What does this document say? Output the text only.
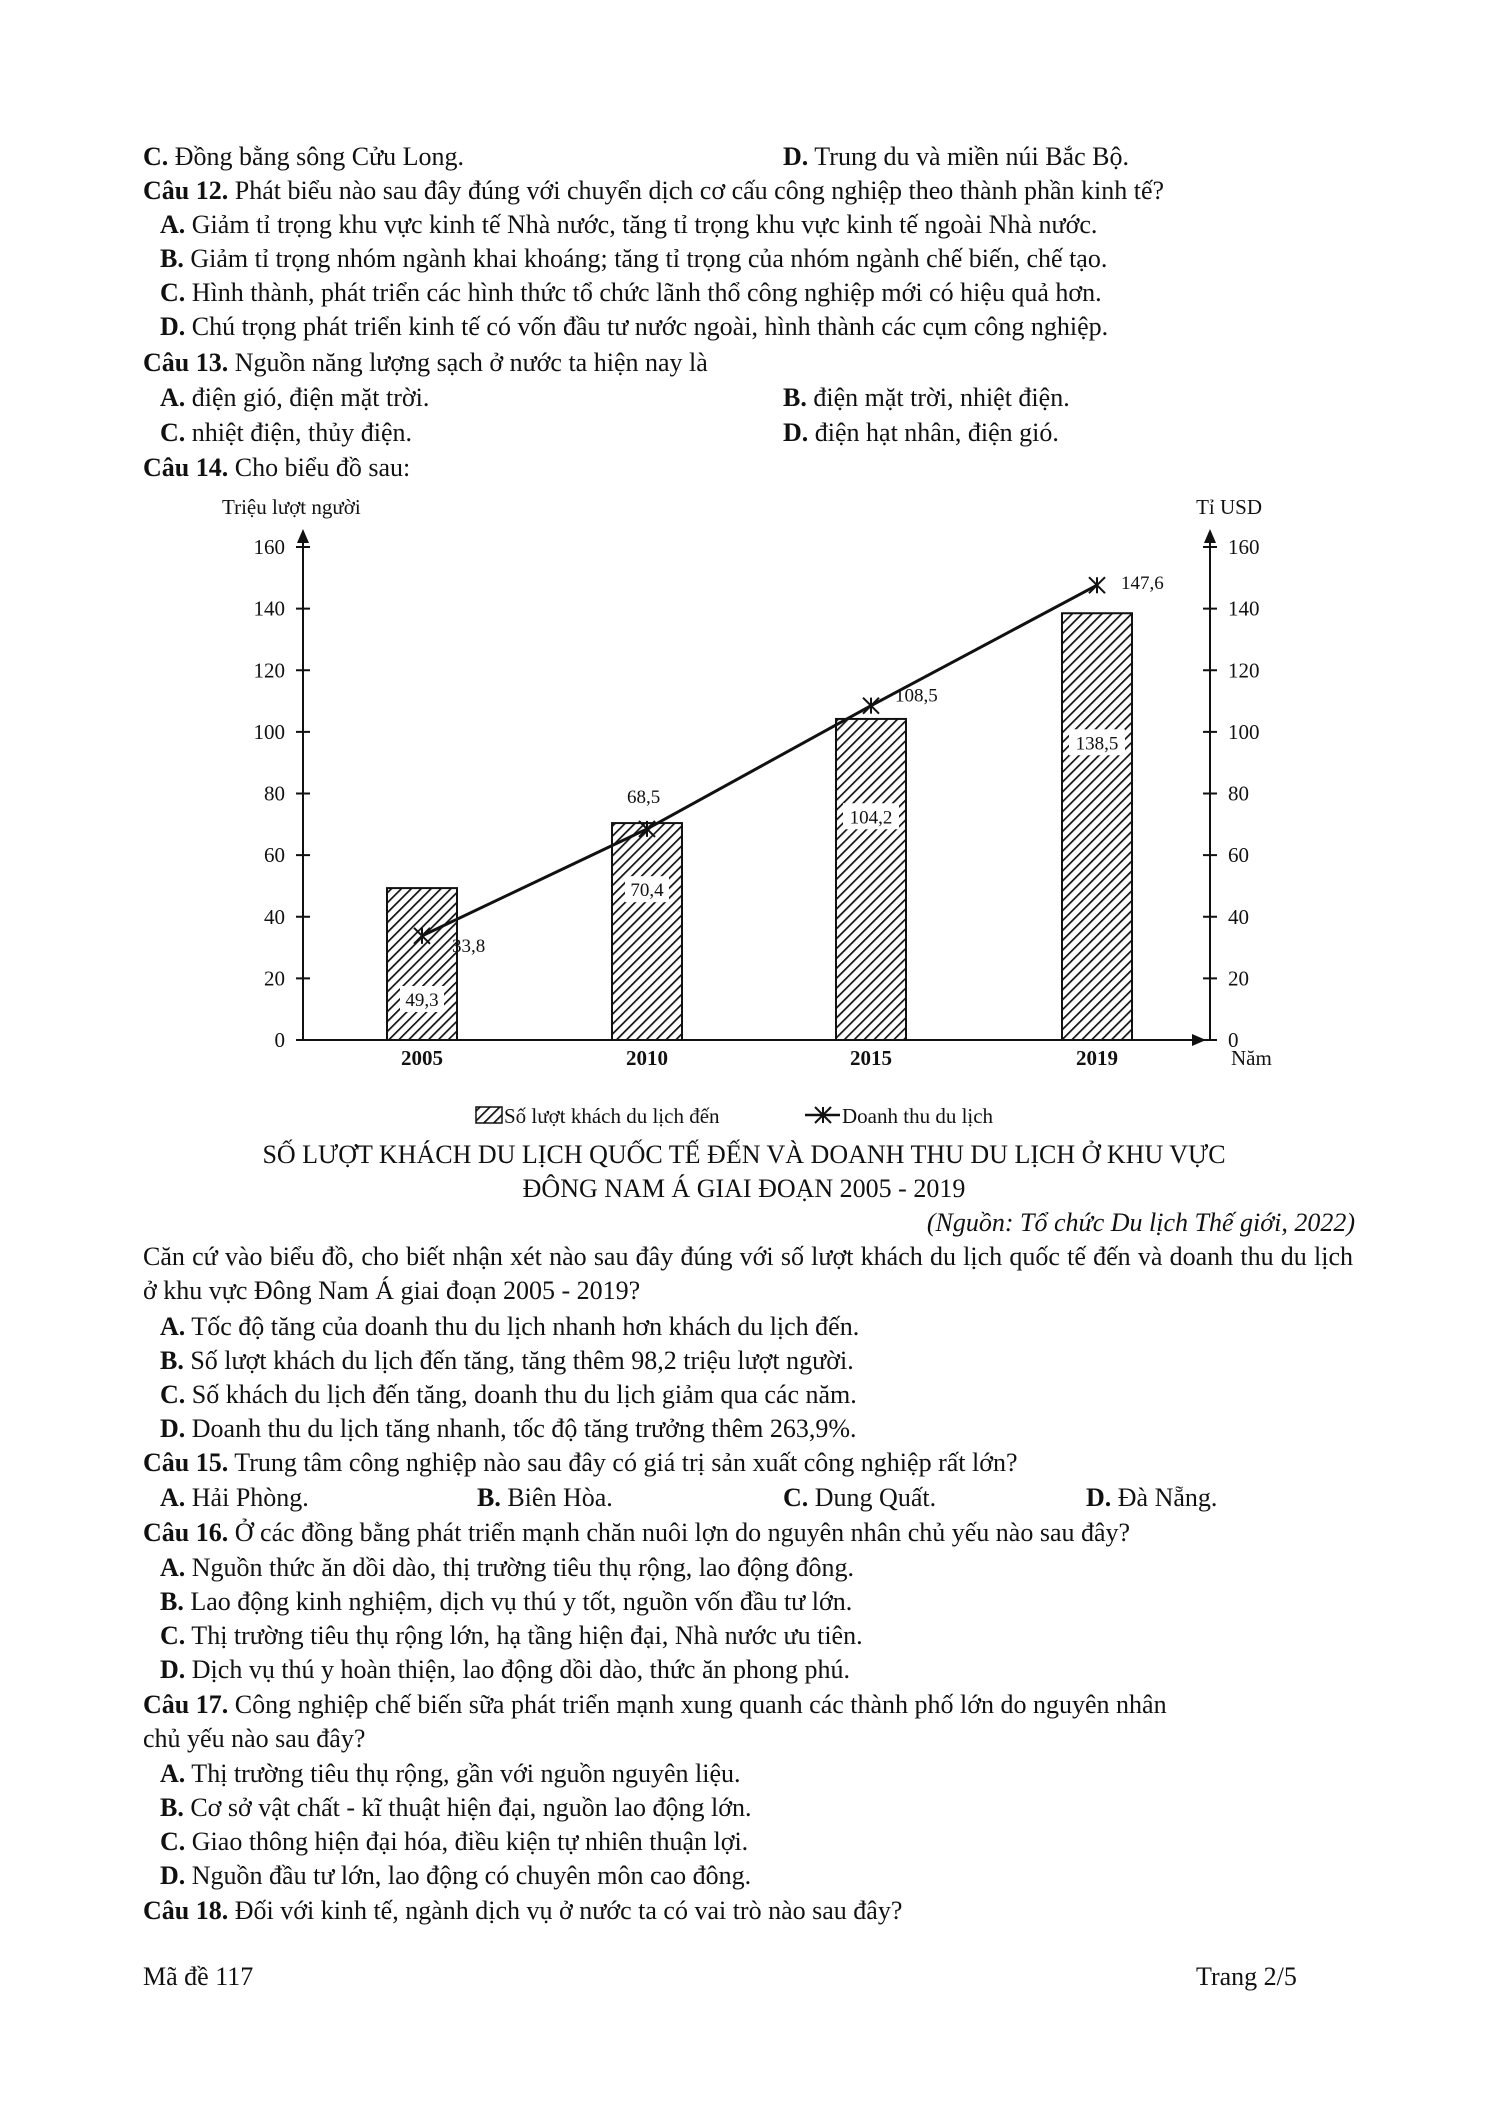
C. Đồng bằng sông Cửu Long.	D. Trung du và miền núi Bắc Bộ.
Câu 12. Phát biểu nào sau đây đúng với chuyển dịch cơ cấu công nghiệp theo thành phần kinh tế?
A. Giảm tỉ trọng khu vực kinh tế Nhà nước, tăng tỉ trọng khu vực kinh tế ngoài Nhà nước.
B. Giảm tỉ trọng nhóm ngành khai khoáng; tăng tỉ trọng của nhóm ngành chế biến, chế tạo.
C. Hình thành, phát triển các hình thức tổ chức lãnh thổ công nghiệp mới có hiệu quả hơn.
D. Chú trọng phát triển kinh tế có vốn đầu tư nước ngoài, hình thành các cụm công nghiệp.
Câu 13. Nguồn năng lượng sạch ở nước ta hiện nay là
A. điện gió, điện mặt trời.	B. điện mặt trời, nhiệt điện.
C. nhiệt điện, thủy điện.	D. điện hạt nhân, điện gió.
Câu 14. Cho biểu đồ sau:
Triệu lượt người	Tỉ USD
Năm
0	0
20	20
40	40
60	60
80	80
100	100
120	120
140	140
160	160
2005	2010	2015	2019
49,3
70,4
104,2
138,5
33,8
68,5
108,5
147,6
Số lượt khách du lịch đến	Doanh thu du lịch
SỐ LƯỢT KHÁCH DU LỊCH QUỐC TẾ ĐẾN VÀ DOANH THU DU LỊCH Ở KHU VỰC
ĐÔNG NAM Á GIAI ĐOẠN 2005 - 2019
(Nguồn: Tổ chức Du lịch Thế giới, 2022)
Căn cứ vào biểu đồ, cho biết nhận xét nào sau đây đúng với số lượt khách du lịch quốc tế đến và doanh thu du lịch ở khu vực Đông Nam Á giai đoạn 2005 - 2019?
A. Tốc độ tăng của doanh thu du lịch nhanh hơn khách du lịch đến.
B. Số lượt khách du lịch đến tăng, tăng thêm 98,2 triệu lượt người.
C. Số khách du lịch đến tăng, doanh thu du lịch giảm qua các năm.
D. Doanh thu du lịch tăng nhanh, tốc độ tăng trưởng thêm 263,9%.
Câu 15. Trung tâm công nghiệp nào sau đây có giá trị sản xuất công nghiệp rất lớn?
A. Hải Phòng.	B. Biên Hòa.	C. Dung Quất.	D. Đà Nẵng.
Câu 16. Ở các đồng bằng phát triển mạnh chăn nuôi lợn do nguyên nhân chủ yếu nào sau đây?
A. Nguồn thức ăn dồi dào, thị trường tiêu thụ rộng, lao động đông.
B. Lao động kinh nghiệm, dịch vụ thú y tốt, nguồn vốn đầu tư lớn.
C. Thị trường tiêu thụ rộng lớn, hạ tầng hiện đại, Nhà nước ưu tiên.
D. Dịch vụ thú y hoàn thiện, lao động dồi dào, thức ăn phong phú.
Câu 17. Công nghiệp chế biến sữa phát triển mạnh xung quanh các thành phố lớn do nguyên nhân
chủ yếu nào sau đây?
A. Thị trường tiêu thụ rộng, gần với nguồn nguyên liệu.
B. Cơ sở vật chất - kĩ thuật hiện đại, nguồn lao động lớn.
C. Giao thông hiện đại hóa, điều kiện tự nhiên thuận lợi.
D. Nguồn đầu tư lớn, lao động có chuyên môn cao đông.
Câu 18. Đối với kinh tế, ngành dịch vụ ở nước ta có vai trò nào sau đây?
Mã đề 117	Trang 2/5
